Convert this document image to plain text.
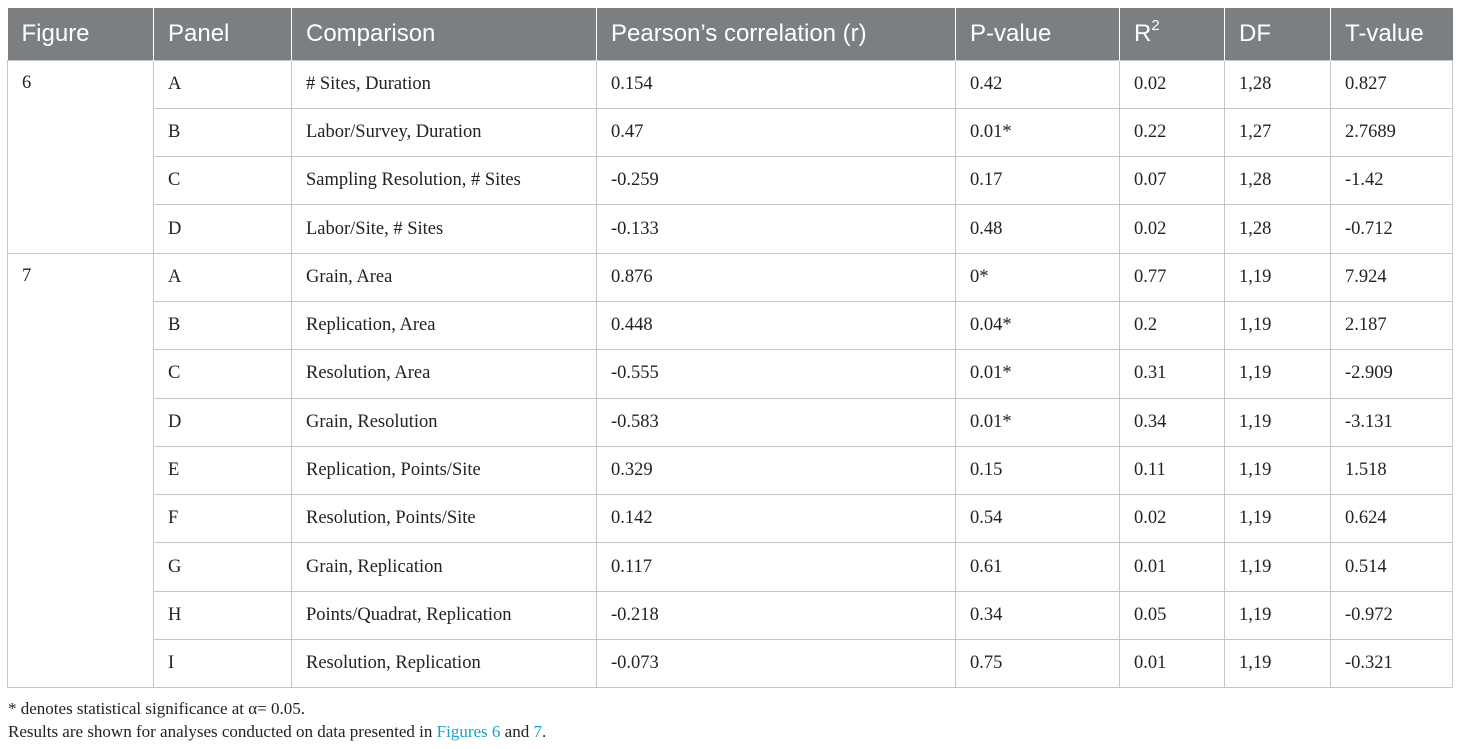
Figure	Panel	Comparison	Pearson’s correlation (r)	P-value	$R^2$	DF	T-value
6	A	# Sites, Duration	0.154	0.42	0.02	1,28	0.827
	B	Labor/Survey, Duration	0.47	0.01*	0.22	1,27	2.7689
	C	Sampling Resolution, # Sites	-0.259	0.17	0.07	1,28	-1.42
	D	Labor/Site, # Sites	-0.133	0.48	0.02	1,28	-0.712
7	A	Grain, Area	0.876	0*	0.77	1,19	7.924
	B	Replication, Area	0.448	0.04*	0.2	1,19	2.187
	C	Resolution, Area	-0.555	0.01*	0.31	1,19	-2.909
	D	Grain, Resolution	-0.583	0.01*	0.34	1,19	-3.131
	E	Replication, Points/Site	0.329	0.15	0.11	1,19	1.518
	F	Resolution, Points/Site	0.142	0.54	0.02	1,19	0.624
	G	Grain, Replication	0.117	0.61	0.01	1,19	0.514
	H	Points/Quadrat, Replication	-0.218	0.34	0.05	1,19	-0.972
	I	Resolution, Replication	-0.073	0.75	0.01	1,19	-0.321
* denotes statistical significance at α= 0.05.
Results are shown for analyses conducted on data presented in Figures 6 and 7.
